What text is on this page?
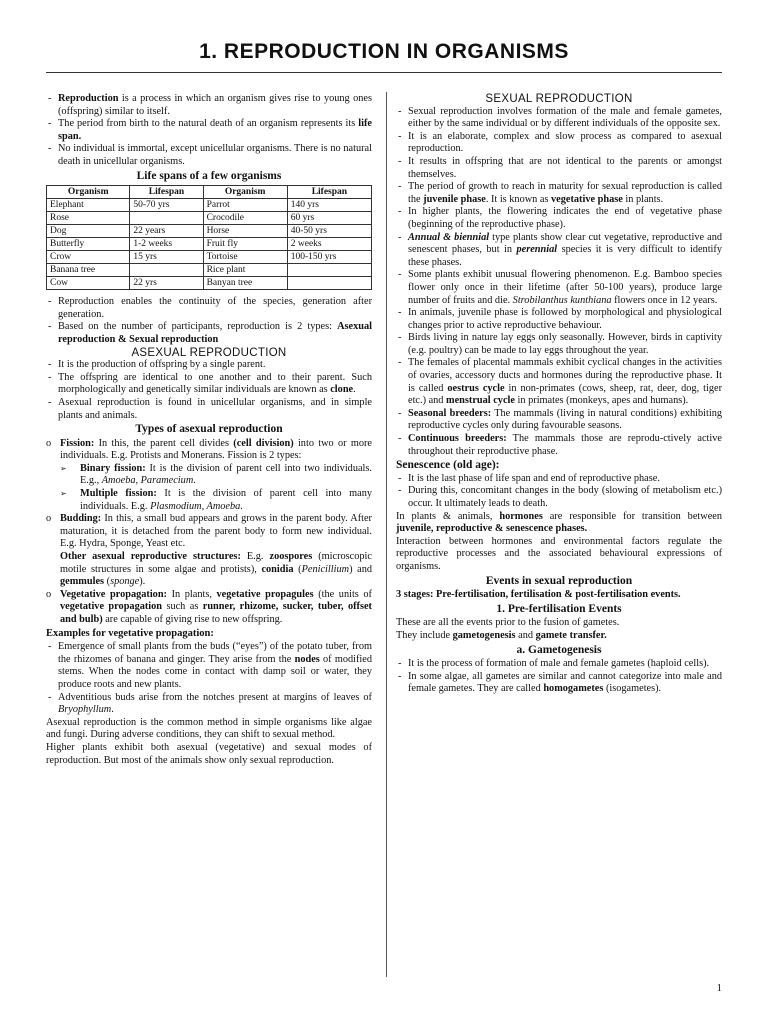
1. REPRODUCTION IN ORGANISMS

- Reproduction is a process in which an organism gives rise to young ones (offspring) similar to itself.

- The period from birth to the natural death of an organism represents its life span.

- No individual is immortal, except unicellular organisms. There is no natural death in unicellular organisms.

Life spans of a few organisms
Organism	Lifespan	Organism	Lifespan
Elephant	50-70 yrs	Parrot	140 yrs
Rose		Crocodile	60 yrs
Dog	22 years	Horse	40-50 yrs
Butterfly	1-2 weeks	Fruit fly	2 weeks
Crow	15 yrs	Tortoise	100-150 yrs
Banana tree		Rice plant	
Cow	22 yrs	Banyan tree	

- Reproduction enables the continuity of the species, generation after generation.

- Based on the number of participants, reproduction is 2 types: Asexual reproduction & Sexual reproduction

ASEXUAL REPRODUCTION

- It is the production of offspring by a single parent.

- The offspring are identical to one another and to their parent. Such morphologically and genetically similar individuals are known as clone.

- Asexual reproduction is found in unicellular organisms, and in simple plants and animals.

Types of asexual reproduction

o Fission: In this, the parent cell divides (cell division) into two or more individuals. E.g. Protists and Monerans. Fission is 2 types:

➢ Binary fission: It is the division of parent cell into two individuals. E.g., Amoeba, Paramecium.

➢ Multiple fission: It is the division of parent cell into many individuals. E.g. Plasmodium, Amoeba.

o Budding: In this, a small bud appears and grows in the parent body. After maturation, it is detached from the parent body to form new individual. E.g. Hydra, Sponge, Yeast etc.

Other asexual reproductive structures: E.g. zoospores (microscopic motile structures in some algae and protists), conidia (Penicillium) and gemmules (sponge).

o Vegetative propagation: In plants, vegetative propagules (the units of vegetative propagation such as runner, rhizome, sucker, tuber, offset and bulb) are capable of giving rise to new offspring.

Examples for vegetative propagation:

- Emergence of small plants from the buds (“eyes”) of the potato tuber, from the rhizomes of banana and ginger. They arise from the nodes of modified stems. When the nodes come in contact with damp soil or water, they produce roots and new plants.

- Adventitious buds arise from the notches present at margins of leaves of Bryophyllum.

Asexual reproduction is the common method in simple organisms like algae and fungi. During adverse conditions, they can shift to sexual method.

Higher plants exhibit both asexual (vegetative) and sexual modes of reproduction. But most of the animals show only sexual reproduction.

SEXUAL REPRODUCTION

- Sexual reproduction involves formation of the male and female gametes, either by the same individual or by different individuals of the opposite sex.

- It is an elaborate, complex and slow process as compared to asexual reproduction.

- It results in offspring that are not identical to the parents or amongst themselves.

- The period of growth to reach in maturity for sexual reproduction is called the juvenile phase. It is known as vegetative phase in plants.

- In higher plants, the flowering indicates the end of vegetative phase (beginning of the reproductive phase).

- Annual & biennial type plants show clear cut vegetative, reproductive and senescent phases, but in perennial species it is very difficult to identify these phases.

- Some plants exhibit unusual flowering phenomenon. E.g. Bamboo species flower only once in their lifetime (after 50-100 years), produce large number of fruits and die. Strobilanthus kunthiana flowers once in 12 years.

- In animals, juvenile phase is followed by morphological and physiological changes prior to active reproductive behaviour.

- Birds living in nature lay eggs only seasonally. However, birds in captivity (e.g. poultry) can be made to lay eggs throughout the year.

- The females of placental mammals exhibit cyclical changes in the activities of ovaries, accessory ducts and hormones during the reproductive phase. It is called oestrus cycle in non-primates (cows, sheep, rat, deer, dog, tiger etc.) and menstrual cycle in primates (monkeys, apes and humans).

- Seasonal breeders: The mammals (living in natural conditions) exhibiting reproductive cycles only during favourable seasons.

- Continuous breeders: The mammals those are reprodu-ctively active throughout their reproductive phase.

Senescence (old age):

- It is the last phase of life span and end of reproductive phase.

- During this, concomitant changes in the body (slowing of metabolism etc.) occur. It ultimately leads to death.

In plants & animals, hormones are responsible for transition between juvenile, reproductive & senescence phases.

Interaction between hormones and environmental factors regulate the reproductive processes and the associated behavioural expressions of organisms.

Events in sexual reproduction

3 stages: Pre-fertilisation, fertilisation & post-fertilisation events.

1. Pre-fertilisation Events

These are all the events prior to the fusion of gametes.

They include gametogenesis and gamete transfer.

a. Gametogenesis

- It is the process of formation of male and female gametes (haploid cells).

- In some algae, all gametes are similar and cannot categorize into male and female gametes. They are called homogametes (isogametes).

1
